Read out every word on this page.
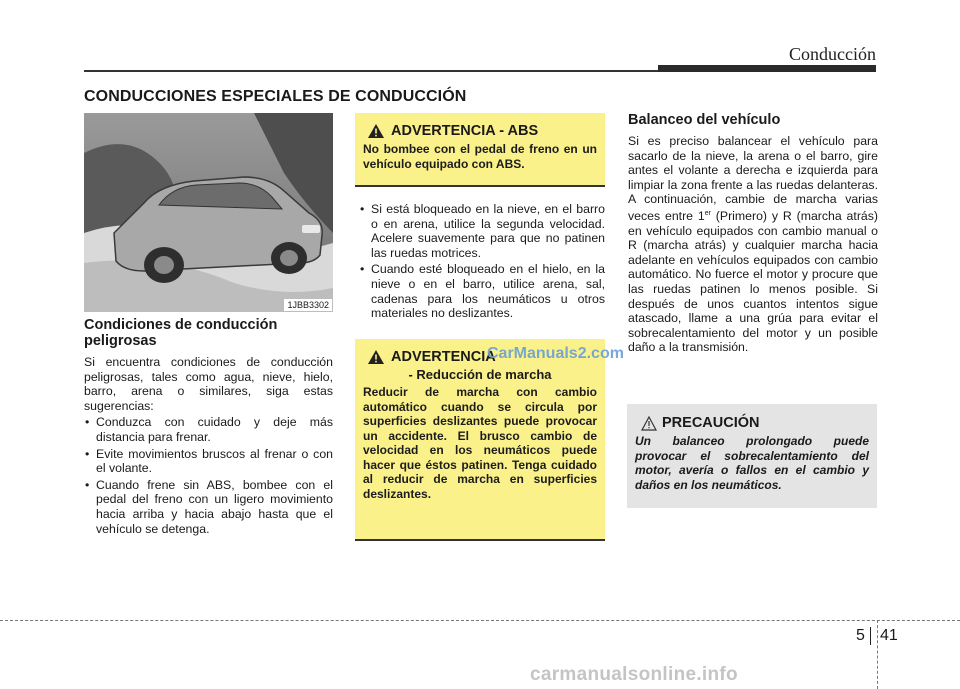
Conducción
CONDUCCIONES ESPECIALES DE CONDUCCIÓN
1JBB3302
Condiciones de conducción peligrosas

Si encuentra condiciones de conducción peligrosas, tales como agua, nieve, hielo, barro, arena o similares, siga estas sugerencias:

• Conduzca con cuidado y deje más distancia para frenar.
• Evite movimientos bruscos al frenar o con el volante.
• Cuando frene sin ABS, bombee con el pedal del freno con un ligero movimiento hacia arriba y hacia abajo hasta que el vehículo se detenga.
ADVERTENCIA - ABS
No bombee con el pedal de freno en un vehículo equipado con ABS.
• Si está bloqueado en la nieve, en el barro o en arena, utilice la segunda velocidad. Acelere suavemente para que no patinen las ruedas motrices.
• Cuando esté bloqueado en el hielo, en la nieve o en el barro, utilice arena, sal, cadenas para los neumáticos u otros materiales no deslizantes.
ADVERTENCIA
- Reducción de marcha
Reducir de marcha con cambio automático cuando se circula por superficies deslizantes puede provocar un accidente. El brusco cambio de velocidad en los neumáticos puede hacer que éstos patinen. Tenga cuidado al reducir de marcha en superficies deslizantes.
CarManuals2.com
Balanceo del vehículo

Si es preciso balancear el vehículo para sacarlo de la nieve, la arena o el barro, gire antes el volante a derecha e izquierda para limpiar la zona frente a las ruedas delanteras. A continuación, cambie de marcha varias veces entre 1er (Primero) y R (marcha atrás) en vehículo equipados con cambio manual o R (marcha atrás) y cualquier marcha hacia adelante en vehículos equipados con cambio automático. No fuerce el motor y procure que las ruedas patinen lo menos posible. Si después de unos cuantos intentos sigue atascado, llame a una grúa para evitar el sobrecalentamiento del motor y un posible daño a la transmisión.

PRECAUCIÓN
Un balanceo prolongado puede provocar el sobrecalentamiento del motor, avería o fallos en el cambio y daños en los neumáticos.
5 41
carmanualsonline.info
